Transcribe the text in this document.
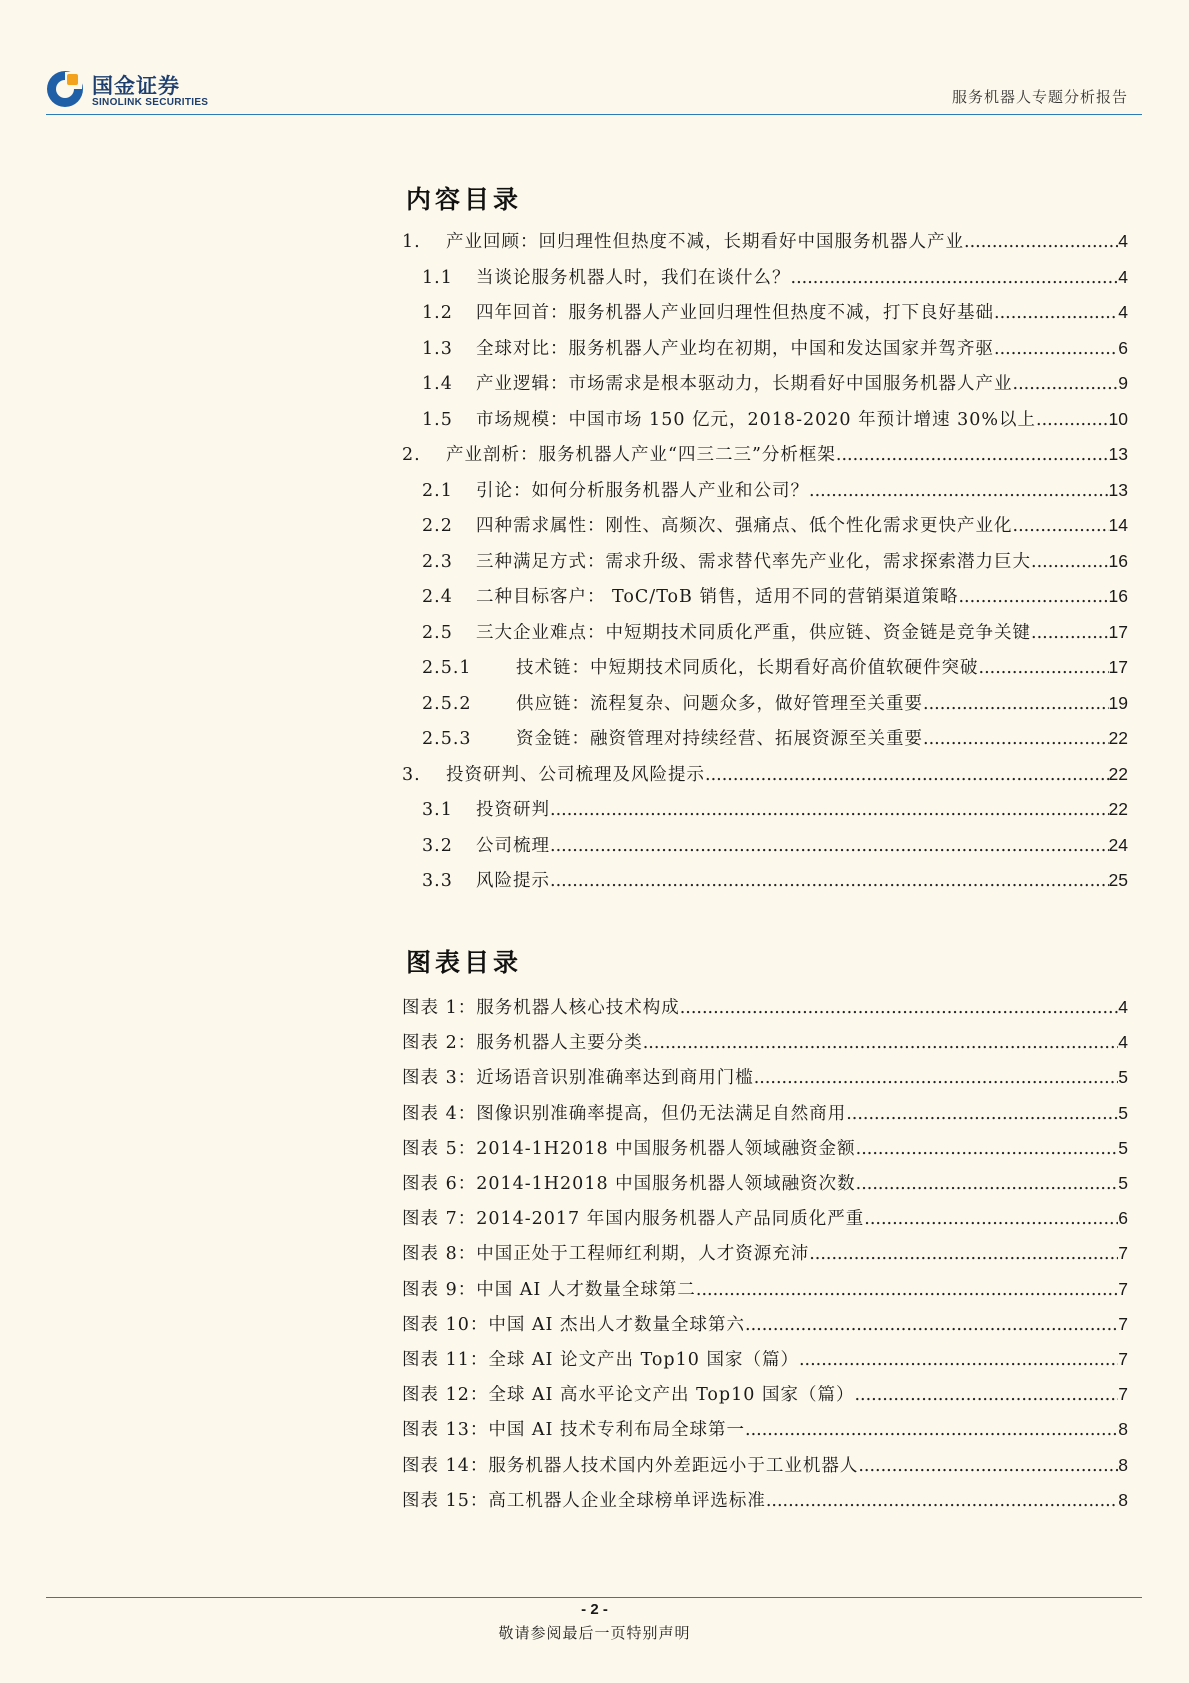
国金证券
SINOLINK SECURITIES	服务机器人专题分析报告
内容目录
1.	产业回顾：回归理性但热度不减，长期看好中国服务机器人产业 .....	4
1.1	当谈论服务机器人时，我们在谈什么？ .....	4
1.2	四年回首：服务机器人产业回归理性但热度不减，打下良好基础 .....	4
1.3	全球对比：服务机器人产业均在初期，中国和发达国家并驾齐驱 .....	6
1.4	产业逻辑：市场需求是根本驱动力，长期看好中国服务机器人产业 .....	9
1.5	市场规模：中国市场 150 亿元，2018-2020 年预计增速 30%以上 .....	10
2.	产业剖析：服务机器人产业“四三二三”分析框架 .....	13
2.1	引论：如何分析服务机器人产业和公司？ .....	13
2.2	四种需求属性：刚性、高频次、强痛点、低个性化需求更快产业化 .....	14
2.3	三种满足方式：需求升级、需求替代率先产业化，需求探索潜力巨大 .....	16
2.4	二种目标客户： ToC/ToB 销售，适用不同的营销渠道策略 .....	16
2.5	三大企业难点：中短期技术同质化严重，供应链、资金链是竞争关键 .....	17
2.5.1	技术链：中短期技术同质化，长期看好高价值软硬件突破 .....	17
2.5.2	供应链：流程复杂、问题众多，做好管理至关重要 .....	19
2.5.3	资金链：融资管理对持续经营、拓展资源至关重要 .....	22
3.	投资研判、公司梳理及风险提示 .....	22
3.1	投资研判 .....	22
3.2	公司梳理 .....	24
3.3	风险提示 .....	25
图表目录
图表 1： 服务机器人核心技术构成 .....	4
图表 2： 服务机器人主要分类 .....	4
图表 3： 近场语音识别准确率达到商用门槛 .....	5
图表 4： 图像识别准确率提高，但仍无法满足自然商用 .....	5
图表 5： 2014-1H2018 中国服务机器人领域融资金额 .....	5
图表 6： 2014-1H2018 中国服务机器人领域融资次数 .....	5
图表 7： 2014-2017 年国内服务机器人产品同质化严重 .....	6
图表 8： 中国正处于工程师红利期，人才资源充沛 .....	7
图表 9： 中国 AI 人才数量全球第二 .....	7
图表 10： 中国 AI 杰出人才数量全球第六 .....	7
图表 11： 全球 AI 论文产出 Top10 国家（篇） .....	7
图表 12： 全球 AI 高水平论文产出 Top10 国家（篇） .....	7
图表 13： 中国 AI 技术专利布局全球第一 .....	8
图表 14： 服务机器人技术国内外差距远小于工业机器人 .....	8
图表 15： 高工机器人企业全球榜单评选标准 .....	8
- 2 -
敬请参阅最后一页特别声明
